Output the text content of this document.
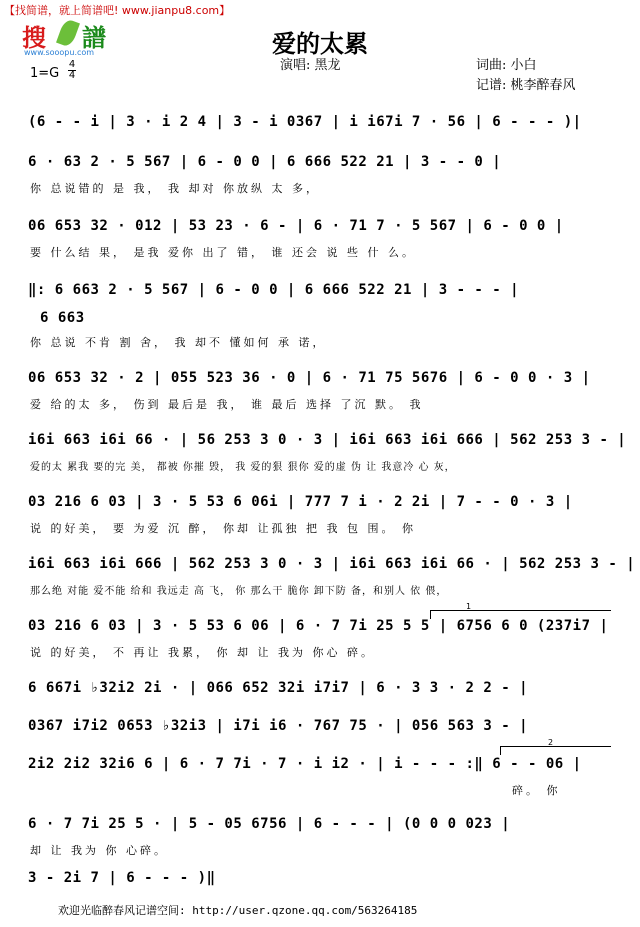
【找简谱，就上简谱吧! www.jianpu8.com】
搜 譜
www.sooopu.com	爱的太累
演唱: 黑龙	词曲: 小白
记谱: 桃李醉春风
1=G
4
4
(6 - - i | 3 · i 2 4 | 3 - i 0367 | i i67i 7 · 56 | 6 - - - )|
6 · 63 2 · 5 567 | 6 - 0 0 | 6 666 522 21 | 3 - - 0 |
你 总说错的 是 我， 我 却对 你放纵 太 多，
06 653 32 · 012 | 53 23 · 6 - | 6 · 71 7 · 5 567 | 6 - 0 0 |
要 什么结 果， 是我 爱你 出了 错， 谁 还会 说 些 什 么。
‖: 6 663 2 · 5 567 | 6 - 0 0 | 6 666 522 21 | 3 - - - |
6 663
你 总说 不肯 割 舍， 我 却不 懂如何 承 诺，
06 653 32 · 2 | 055 523 36 · 0 | 6 · 71 75 5676 | 6 - 0 0 · 3 |
爱 给的太 多， 伤到 最后是 我， 谁 最后 选择 了沉 默。 我
i6i 663 i6i 66 · | 56 253 3 0 · 3 | i6i 663 i6i 666 | 562 253 3 - |
爱的太 累我 要的完 美， 都被 你摧 毁， 我 爱的狠 狠你 爱的虚 伪 让 我意冷 心 灰，
03 216 6 03 | 3 · 5 53 6 06i | 777 7 i · 2 2i | 7 - - 0 · 3 |
说 的好美， 要 为爱 沉 醉， 你却 让孤独 把 我 包 围。 你
i6i 663 i6i 666 | 562 253 3 0 · 3 | i6i 663 i6i 66 · | 562 253 3 - |
那么绝 对能 爱不能 给和 我远走 高 飞， 你 那么干 脆你 卸下防 备，和别人 依 偎，
1
03 216 6 03 | 3 · 5 53 6 06 | 6 · 7 7i 25 5 5 | 6756 6 0 (237i7 |
说 的好美， 不 再让 我累， 你 却 让 我为 你心 碎。
6 667i ♭32i2 2i · | 066 652 32i i7i7 | 6 · 3 3 · 2 2 - |
0367 i7i2 0653 ♭32i3 | i7i i6 · 767 75 · | 056 563 3 - |
2
2i2 2i2 32i6 6 | 6 · 7 7i · 7 · i i2 · | i - - - :‖ 6 - - 06 |
碎。 你
6 · 7 7i 25 5 · | 5 - 05 6756 | 6 - - - | (0 0 0 023 |
却 让 我为 你 心碎。
3 - 2i 7 | 6 - - - )‖
欢迎光临醉春风记谱空间: http://user.qzone.qq.com/563264185
